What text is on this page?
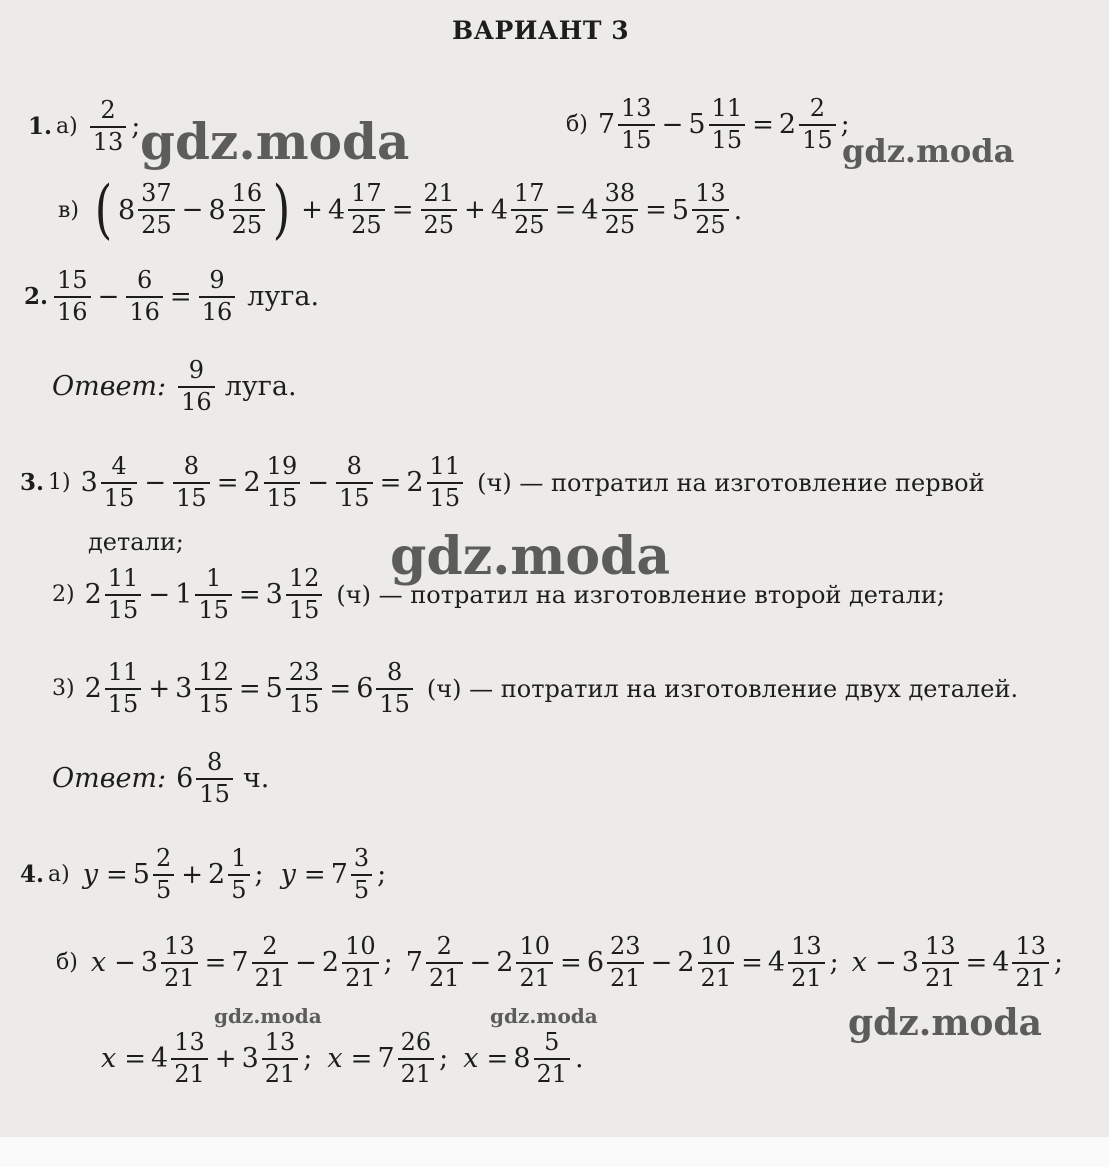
ВАРИАНТ 3
1. $а) \frac{2}{13}$ ;	б) $7 \frac{13}{15} - 5 \frac{11}{15} = 2 \frac{2}{15}$ ;
в) ( $8 \frac{37}{25} - 8 \frac{16}{25}$ ) + $4 \frac{17}{25} = \frac{21}{25} + 4 \frac{17}{25} = 4 \frac{38}{25} = 5 \frac{13}{25}$ .
2. $\frac{15}{16} - \frac{6}{16} = \frac{9}{16}$ луга.
Ответ: $\frac{9}{16}$ луга.
3. 1) $3 \frac{4}{15} - \frac{8}{15} = 2 \frac{19}{15} - \frac{8}{15} = 2 \frac{11}{15} (ч)$ — потратил на изготовление первой
детали;
2) $2 \frac{11}{15} - 1 \frac{1}{15} = 3 \frac{12}{15} (ч)$ — потратил на изготовление второй детали;
3) $2 \frac{11}{15} + 3 \frac{12}{15} = 5 \frac{23}{15} = 6 \frac{8}{15} (ч)$ — потратил на изготовление двух деталей.
Ответ: $6 \frac{8}{15} ч$.
4. а) $y = 5 \frac{2}{5} + 2 \frac{1}{5}$ ; $y = 7 \frac{3}{5}$ ;
б) $x - 3 \frac{13}{21} = 7 \frac{2}{21} - 2 \frac{10}{21}$ ; $7 \frac{2}{21} - 2 \frac{10}{21} = 6 \frac{23}{21} - 2 \frac{10}{21} = 4 \frac{13}{21}$ ; $x - 3 \frac{13}{21} = 4 \frac{13}{21}$ ;
$x = 4 \frac{13}{21} + 3 \frac{13}{21}$ ; $x = 7 \frac{26}{21}$ ; $x = 8 \frac{5}{21}$ .
gdz.moda	gdz.moda
gdz.moda
gdz.moda	gdz.moda	gdz.moda
